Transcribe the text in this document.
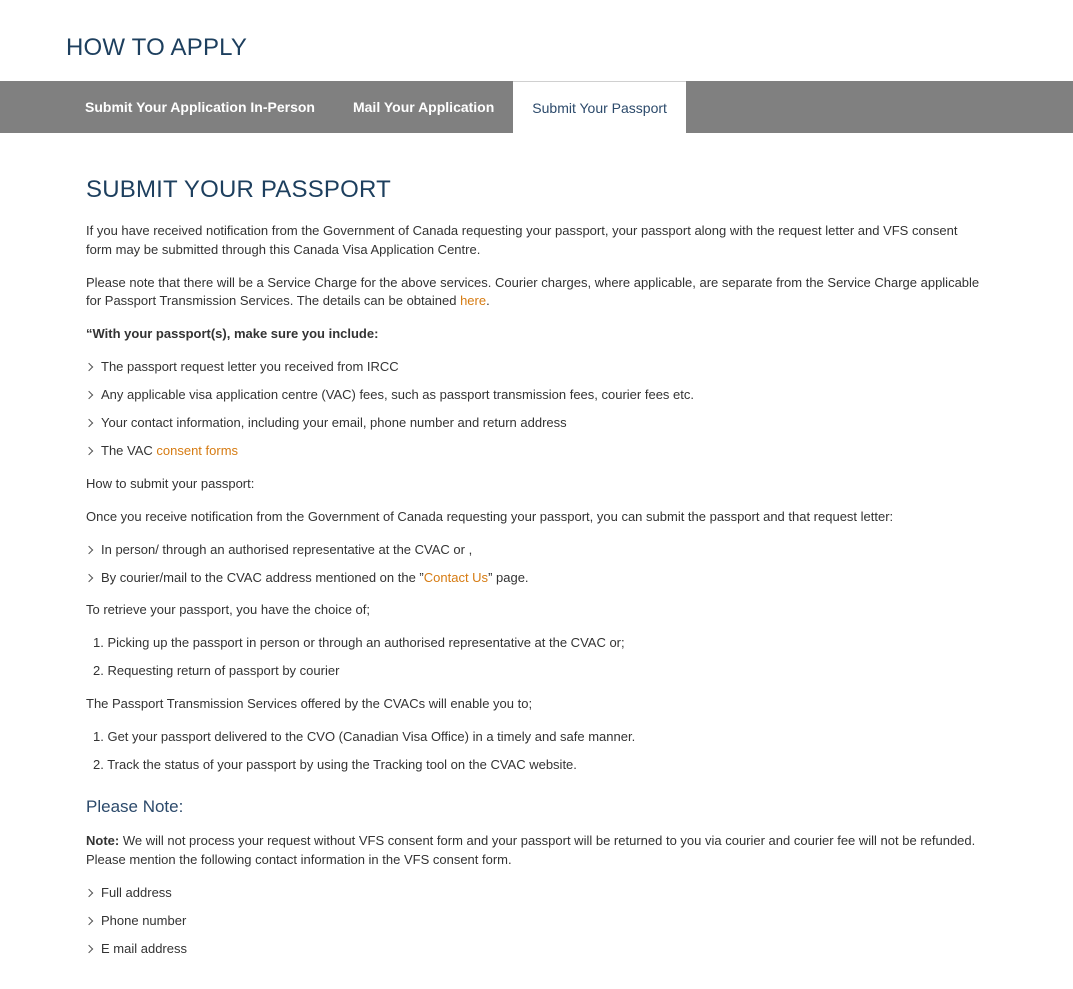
HOW TO APPLY
Submit Your Application In-Person	Mail Your Application	Submit Your Passport
SUBMIT YOUR PASSPORT

If you have received notification from the Government of Canada requesting your passport, your passport along with the request letter and VFS consent form may be submitted through this Canada Visa Application Centre.

Please note that there will be a Service Charge for the above services. Courier charges, where applicable, are separate from the Service Charge applicable for Passport Transmission Services. The details can be obtained here.

“With your passport(s), make sure you include:

The passport request letter you received from IRCC
Any applicable visa application centre (VAC) fees, such as passport transmission fees, courier fees etc.
Your contact information, including your email, phone number and return address
The VAC consent forms

How to submit your passport:

Once you receive notification from the Government of Canada requesting your passport, you can submit the passport and that request letter:

In person/ through an authorised representative at the CVAC or ,
By courier/mail to the CVAC address mentioned on the ”Contact Us” page.

To retrieve your passport, you have the choice of;

1. Picking up the passport in person or through an authorised representative at the CVAC or;
2. Requesting return of passport by courier

The Passport Transmission Services offered by the CVACs will enable you to;

1. Get your passport delivered to the CVO (Canadian Visa Office) in a timely and safe manner.
2. Track the status of your passport by using the Tracking tool on the CVAC website.
Please Note:

Note: We will not process your request without VFS consent form and your passport will be returned to you via courier and courier fee will not be refunded. Please mention the following contact information in the VFS consent form.

Full address
Phone number
E mail address
